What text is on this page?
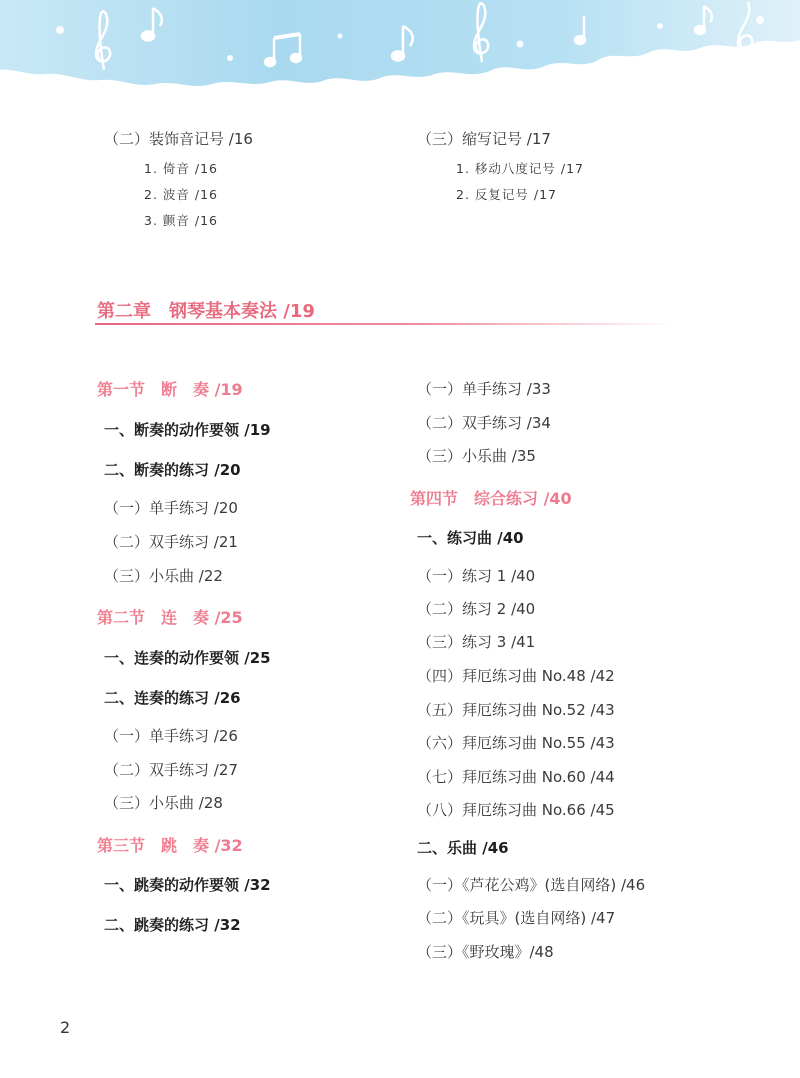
（二）装饰音记号 /16
1. 倚音 /16
2. 波音 /16
3. 颤音 /16
（三）缩写记号 /17
1. 移动八度记号 /17
2. 反复记号 /17
第二章　钢琴基本奏法 /19
第一节　断　奏 /19
一、断奏的动作要领 /19
二、断奏的练习 /20
（一）单手练习 /20
（二）双手练习 /21
（三）小乐曲 /22
第二节　连　奏 /25
一、连奏的动作要领 /25
二、连奏的练习 /26
（一）单手练习 /26
（二）双手练习 /27
（三）小乐曲 /28
第三节　跳　奏 /32
一、跳奏的动作要领 /32
二、跳奏的练习 /32
（一）单手练习 /33
（二）双手练习 /34
（三）小乐曲 /35
第四节　综合练习 /40
一、练习曲 /40
（一）练习 1 /40
（二）练习 2 /40
（三）练习 3 /41
（四）拜厄练习曲 No.48 /42
（五）拜厄练习曲 No.52 /43
（六）拜厄练习曲 No.55 /43
（七）拜厄练习曲 No.60 /44
（八）拜厄练习曲 No.66 /45
二、乐曲 /46
（一）《芦花公鸡》(选自网络) /46
（二）《玩具》(选自网络) /47
（三）《野玫瑰》/48
2
